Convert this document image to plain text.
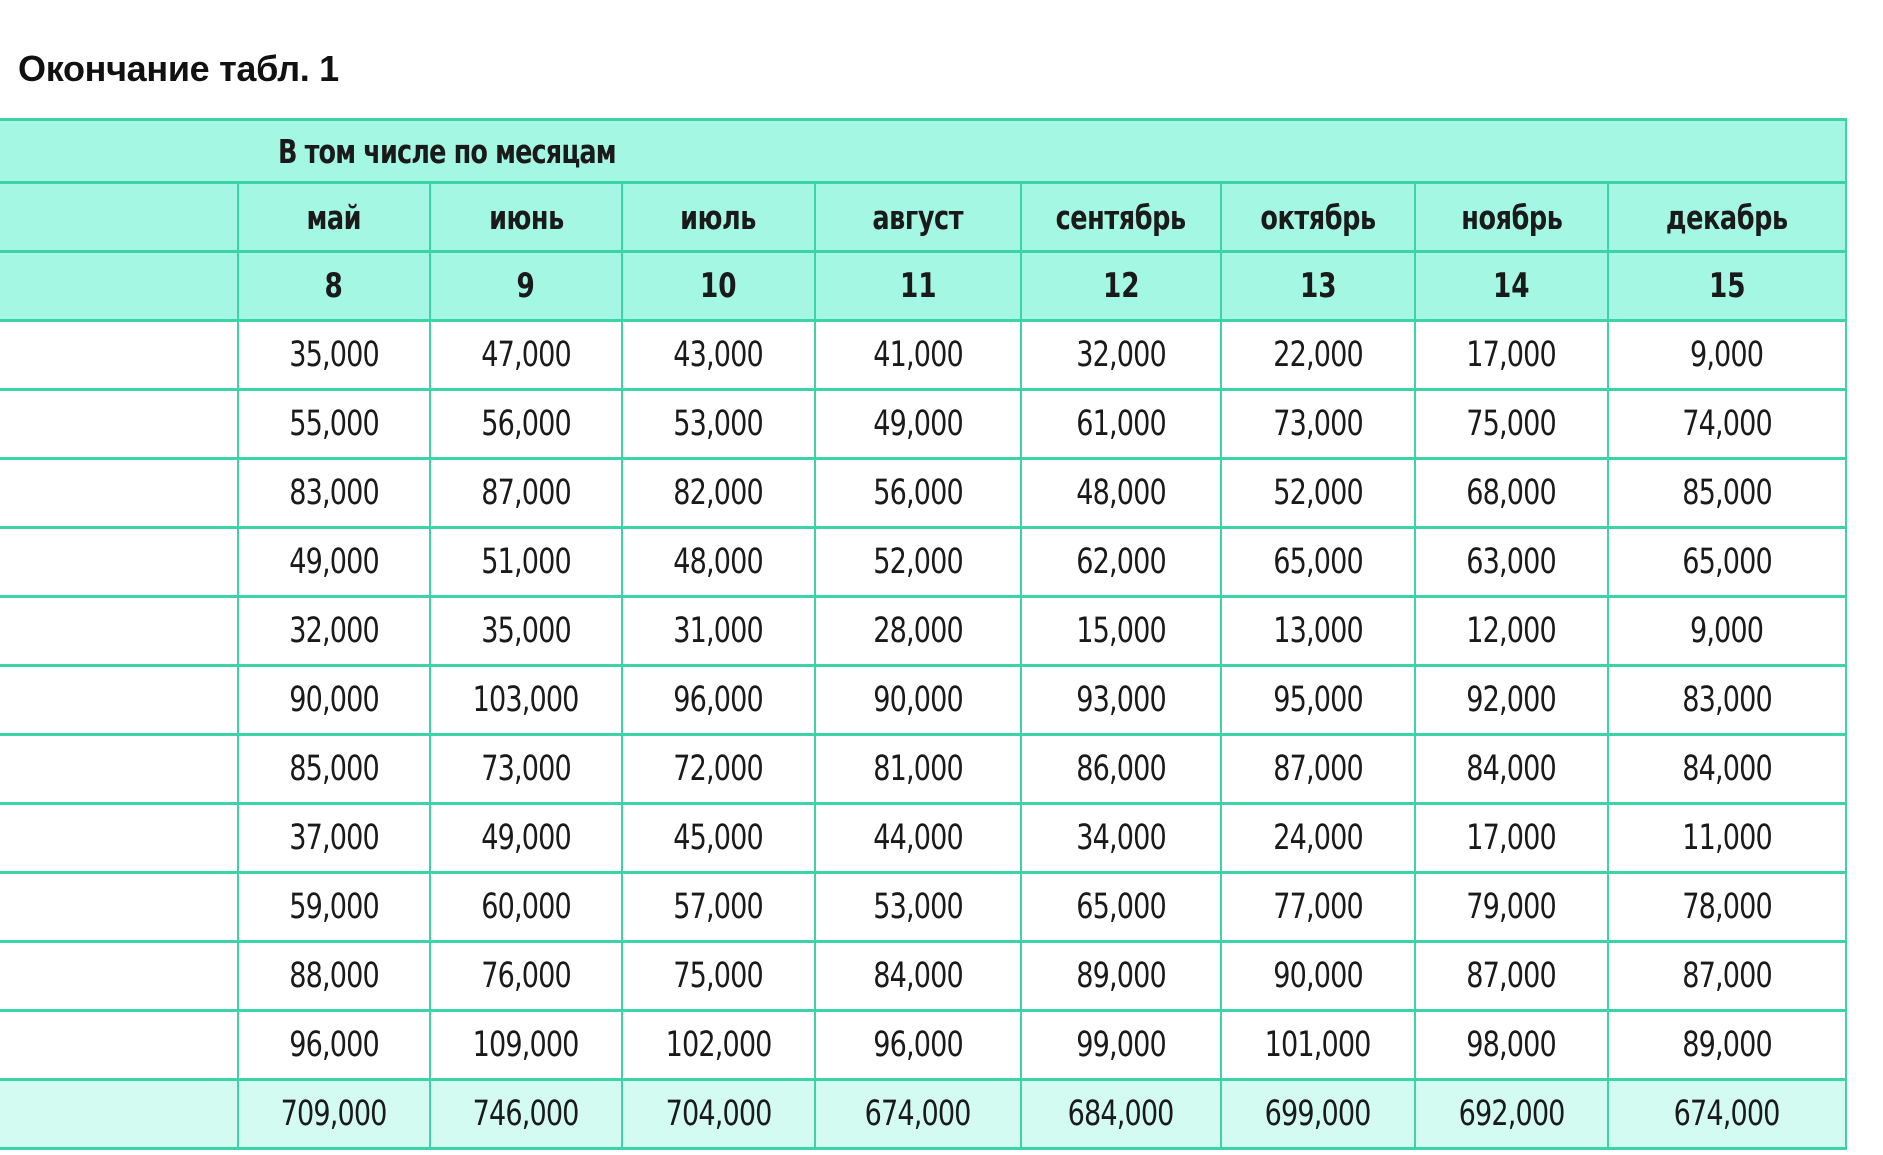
Окончание табл. 1
В том числе по месяцам								
	май	июнь	июль	август	сентябрь	октябрь	ноябрь	декабрь
	8	9	10	11	12	13	14	15
	35,000	47,000	43,000	41,000	32,000	22,000	17,000	9,000
	55,000	56,000	53,000	49,000	61,000	73,000	75,000	74,000
	83,000	87,000	82,000	56,000	48,000	52,000	68,000	85,000
	49,000	51,000	48,000	52,000	62,000	65,000	63,000	65,000
	32,000	35,000	31,000	28,000	15,000	13,000	12,000	9,000
	90,000	103,000	96,000	90,000	93,000	95,000	92,000	83,000
	85,000	73,000	72,000	81,000	86,000	87,000	84,000	84,000
	37,000	49,000	45,000	44,000	34,000	24,000	17,000	11,000
	59,000	60,000	57,000	53,000	65,000	77,000	79,000	78,000
	88,000	76,000	75,000	84,000	89,000	90,000	87,000	87,000
	96,000	109,000	102,000	96,000	99,000	101,000	98,000	89,000
	709,000	746,000	704,000	674,000	684,000	699,000	692,000	674,000
